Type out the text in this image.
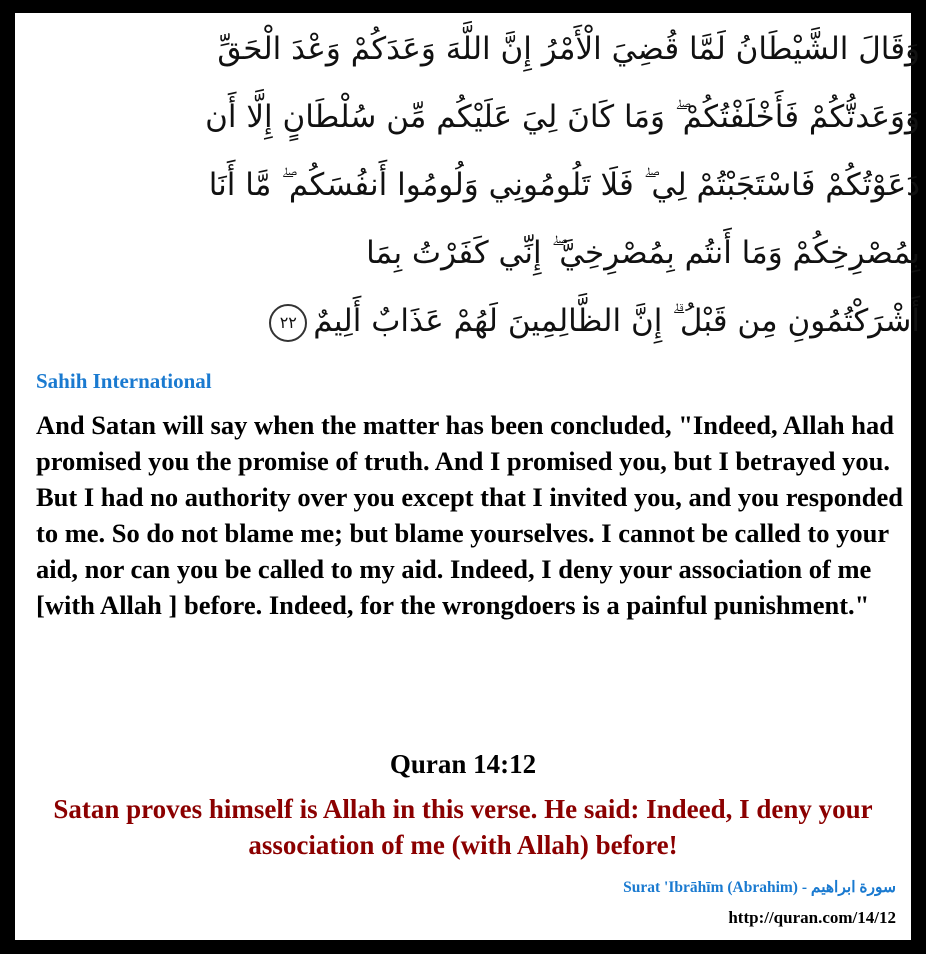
وَقَالَ الشَّيْطَانُ لَمَّا قُضِيَ الْأَمْرُ إِنَّ اللَّهَ وَعَدَكُمْ وَعْدَ الْحَقِّ
وَوَعَدتُّكُمْ فَأَخْلَفْتُكُمْ ۖ وَمَا كَانَ لِيَ عَلَيْكُم مِّن سُلْطَانٍ إِلَّا أَن
دَعَوْتُكُمْ فَاسْتَجَبْتُمْ لِي ۖ فَلَا تَلُومُونِي وَلُومُوا أَنفُسَكُم ۖ مَّا أَنَا
بِمُصْرِخِكُمْ وَمَا أَنتُم بِمُصْرِخِيَّ ۖ إِنِّي كَفَرْتُ بِمَا
أَشْرَكْتُمُونِ مِن قَبْلُ ۗ إِنَّ الظَّالِمِينَ لَهُمْ عَذَابٌ أَلِيمٌ٢٢
Sahih International
And Satan will say when the matter has been concluded, "Indeed, Allah had promised you the promise of truth. And I promised you, but I betrayed you. But I had no authority over you except that I invited you, and you responded to me. So do not blame me; but blame yourselves. I cannot be called to your aid, nor can you be called to my aid. Indeed, I deny your association of me [with Allah ] before. Indeed, for the wrongdoers is a painful punishment."
Quran 14:12
Satan proves himself is Allah in this verse. He said: Indeed, I deny your association of me (with Allah) before!
Surat 'Ibrāhīm (Abrahim) - سورة ابراهيم
http://quran.com/14/12
